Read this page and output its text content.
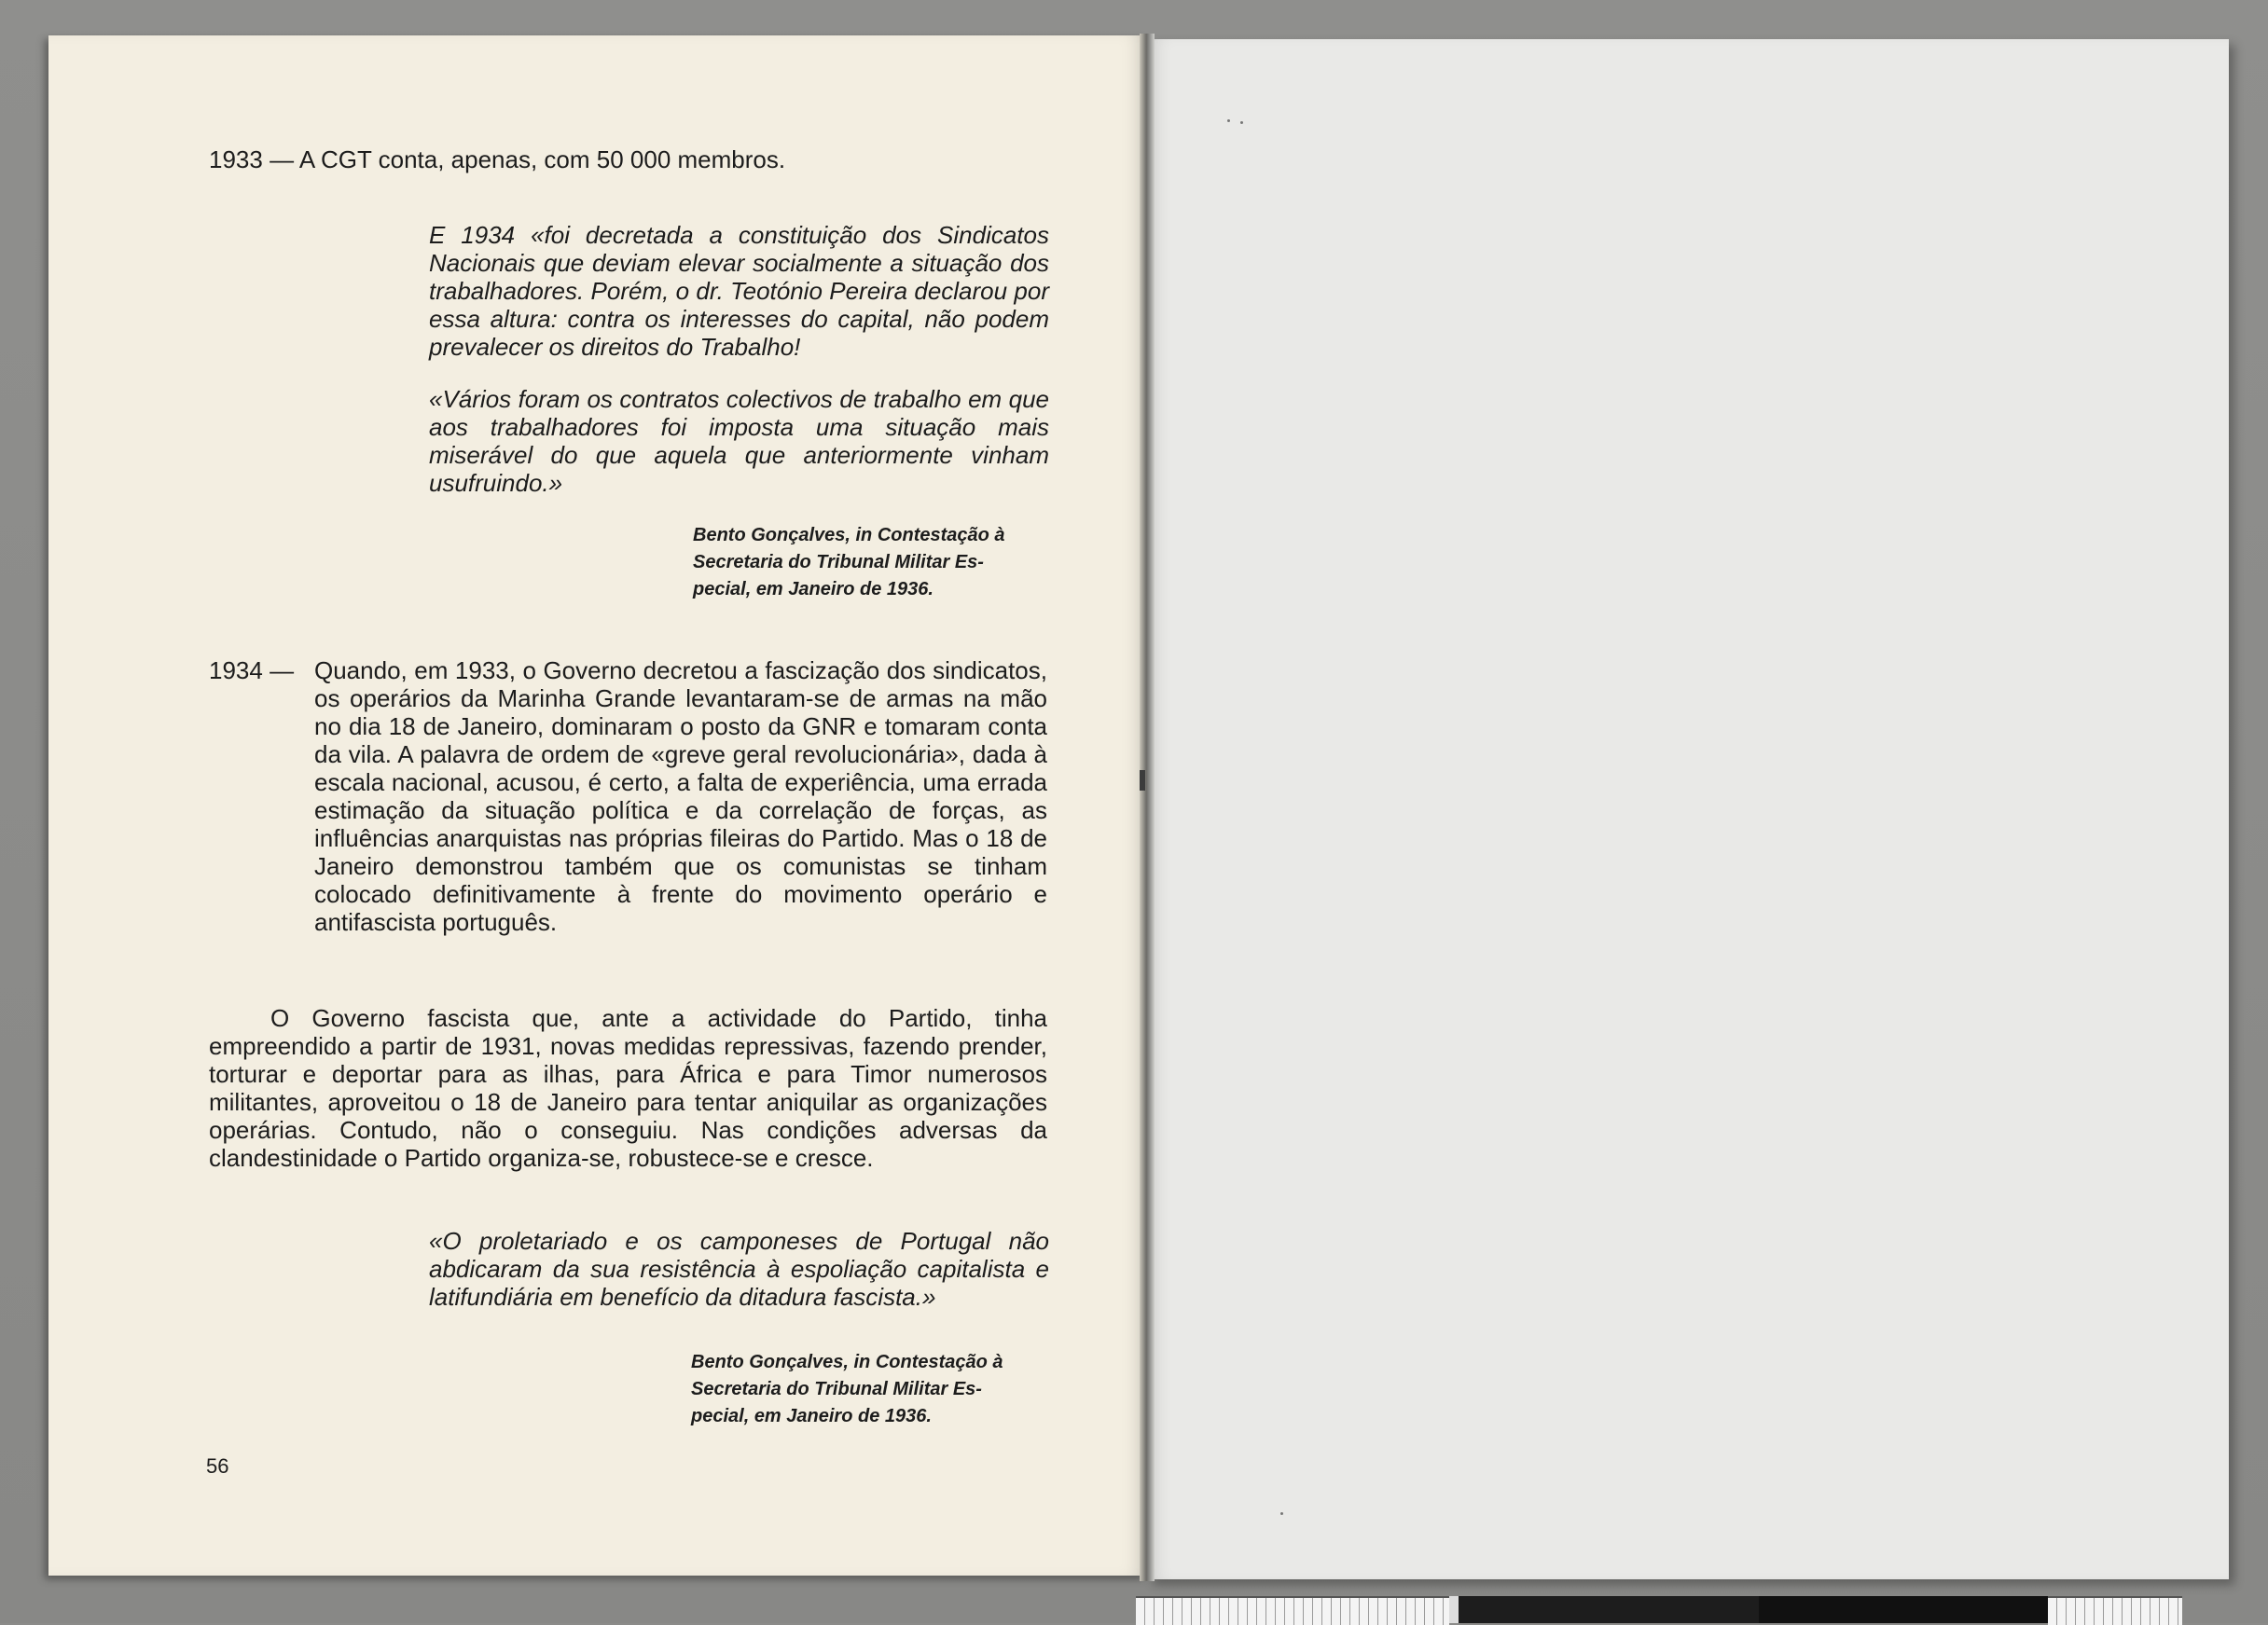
1933 — A CGT conta, apenas, com 50 000 membros.
E 1934 «foi decretada a constituição dos Sindicatos Nacionais que deviam elevar socialmente a situação dos trabalhadores. Porém, o dr. Teotónio Pereira declarou por essa altura: contra os interesses do capital, não podem prevalecer os direitos do Trabalho!
«Vários foram os contratos colectivos de trabalho em que aos trabalhadores foi imposta uma situação mais miserável do que aquela que anteriormente vinham usufruindo.»
Bento Gonçalves, in Contestação à
Secretaria do Tribunal Militar Es-
pecial, em Janeiro de 1936.
1934 — Quando, em 1933, o Governo decretou a fascização dos sindicatos, os operários da Marinha Grande levantaram-se de armas na mão no dia 18 de Janeiro, dominaram o posto da GNR e tomaram conta da vila. A palavra de ordem de «greve geral revolucionária», dada à escala nacional, acusou, é certo, a falta de experiência, uma errada estimação da situação política e da correlação de forças, as influências anarquistas nas próprias fileiras do Partido. Mas o 18 de Janeiro demonstrou também que os comunistas se tinham colocado definitivamente à frente do movimento operário e antifascista português.
O Governo fascista que, ante a actividade do Partido, tinha empreendido a partir de 1931, novas medidas repressivas, fazendo prender, torturar e deportar para as ilhas, para África e para Timor numerosos militantes, aproveitou o 18 de Janeiro para tentar aniquilar as organizações operárias. Contudo, não o conseguiu. Nas condições adversas da clandestinidade o Partido organiza-se, robustece-se e cresce.
«O proletariado e os camponeses de Portugal não abdicaram da sua resistência à espoliação capitalista e latifundiária em benefício da ditadura fascista.»
Bento Gonçalves, in Contestação à
Secretaria do Tribunal Militar Es-
pecial, em Janeiro de 1936.
56
